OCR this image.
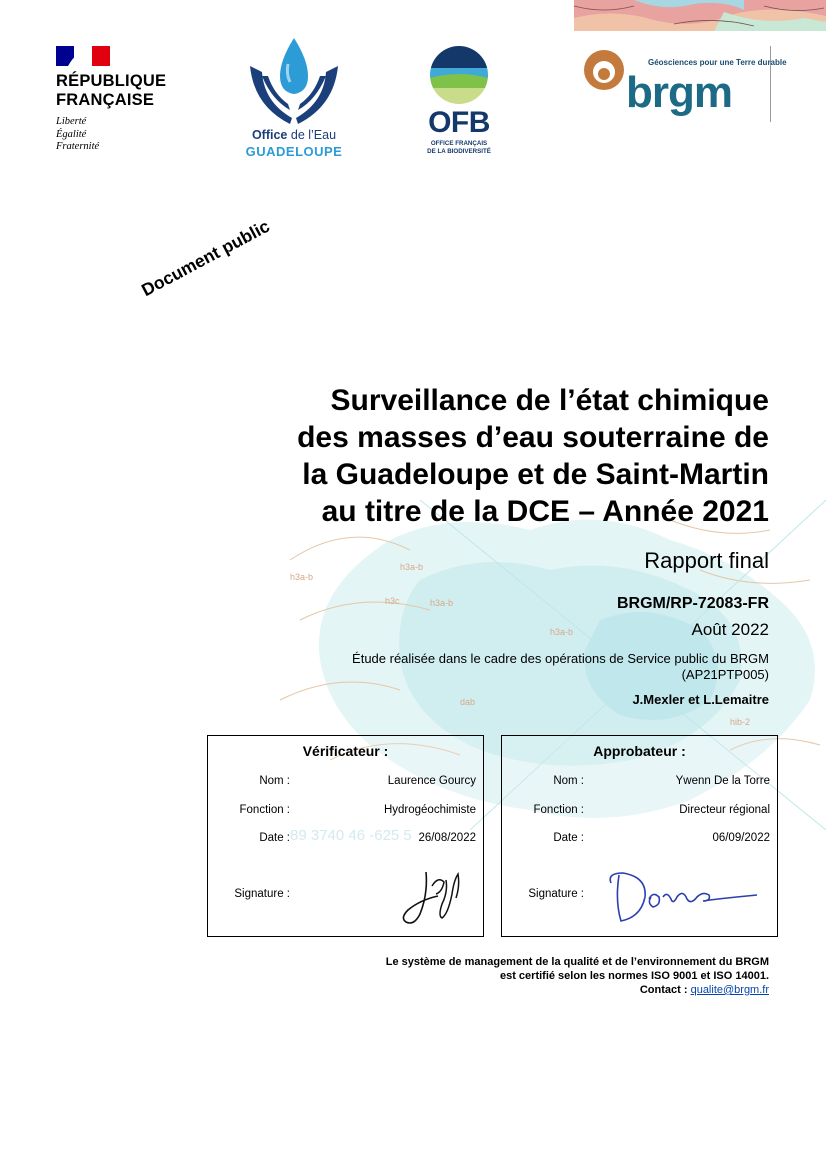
h3a-b
h3a-b
h3c	h3a-b
h3a-b
dab
hib-2
89 3740 46 -625 5
RÉPUBLIQUE
FRANÇAISE
Liberté
Égalité
Fraternité
Office de l’Eau
GUADELOUPE
OFB
OFFICE FRANÇAIS
DE LA BIODIVERSITÉ
Géosciences pour une Terre durable
brgm
Document public
Surveillance de l’état chimique
des masses d’eau souterraine de
la Guadeloupe et de Saint-Martin
au titre de la DCE – Année 2021
Rapport final
BRGM/RP-72083-FR
Août 2022
Étude réalisée dans le cadre des opérations de Service public du BRGM
(AP21PTP005)
J.Mexler et L.Lemaitre
Vérificateur :
Nom :	Laurence Gourcy
Fonction :	Hydrogéochimiste
Date :	26/08/2022
Signature :
Approbateur :
Nom :	Ywenn De la Torre
Fonction :	Directeur régional
Date :	06/09/2022
Signature :
Le système de management de la qualité et de l’environnement du BRGM
est certifié selon les normes ISO 9001 et ISO 14001.
Contact : qualite@brgm.fr
